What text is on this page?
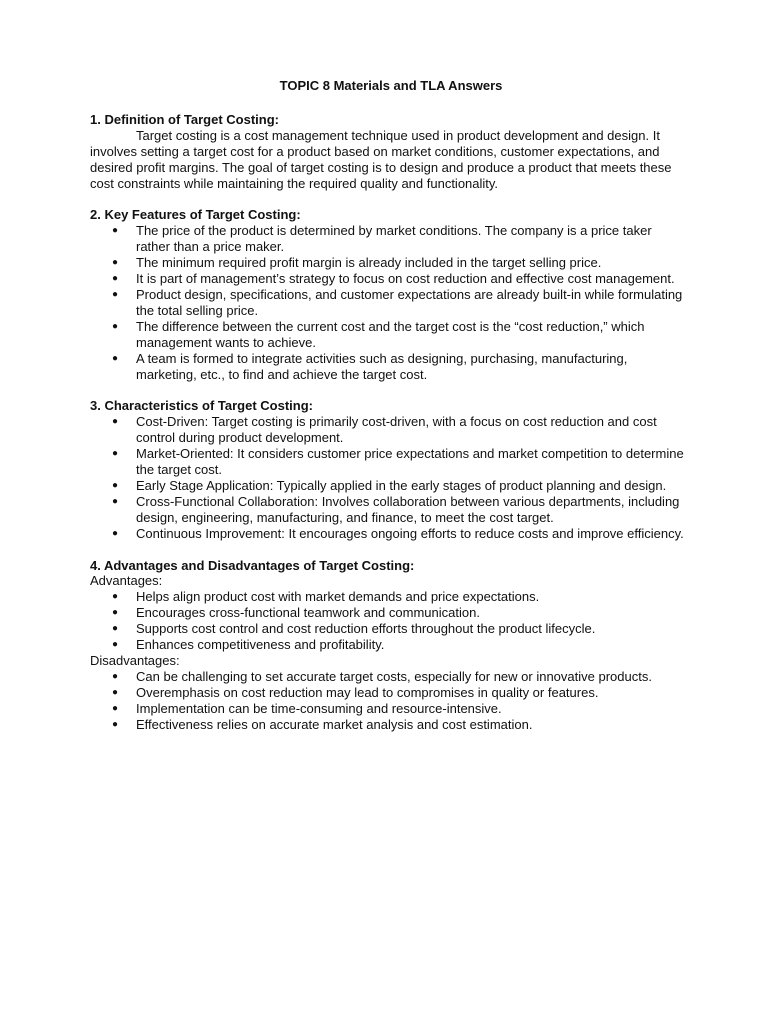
TOPIC 8 Materials and TLA Answers
1. Definition of Target Costing:

Target costing is a cost management technique used in product development and design. It involves setting a target cost for a product based on market conditions, customer expectations, and desired profit margins. The goal of target costing is to design and produce a product that meets these cost constraints while maintaining the required quality and functionality.

2. Key Features of Target Costing:
● The price of the product is determined by market conditions. The company is a price taker rather than a price maker.
● The minimum required profit margin is already included in the target selling price.
● It is part of management’s strategy to focus on cost reduction and effective cost management.
● Product design, specifications, and customer expectations are already built-in while formulating the total selling price.
● The difference between the current cost and the target cost is the “cost reduction,” which management wants to achieve.
● A team is formed to integrate activities such as designing, purchasing, manufacturing, marketing, etc., to find and achieve the target cost.
3. Characteristics of Target Costing:
● Cost-Driven: Target costing is primarily cost-driven, with a focus on cost reduction and cost control during product development.
● Market-Oriented: It considers customer price expectations and market competition to determine the target cost.
● Early Stage Application: Typically applied in the early stages of product planning and design.
● Cross-Functional Collaboration: Involves collaboration between various departments, including design, engineering, manufacturing, and finance, to meet the cost target.
● Continuous Improvement: It encourages ongoing efforts to reduce costs and improve efficiency.
4. Advantages and Disadvantages of Target Costing:
Advantages:
● Helps align product cost with market demands and price expectations.
● Encourages cross-functional teamwork and communication.
● Supports cost control and cost reduction efforts throughout the product lifecycle.
● Enhances competitiveness and profitability.
Disadvantages:
● Can be challenging to set accurate target costs, especially for new or innovative products.
● Overemphasis on cost reduction may lead to compromises in quality or features.
● Implementation can be time-consuming and resource-intensive.
● Effectiveness relies on accurate market analysis and cost estimation.
